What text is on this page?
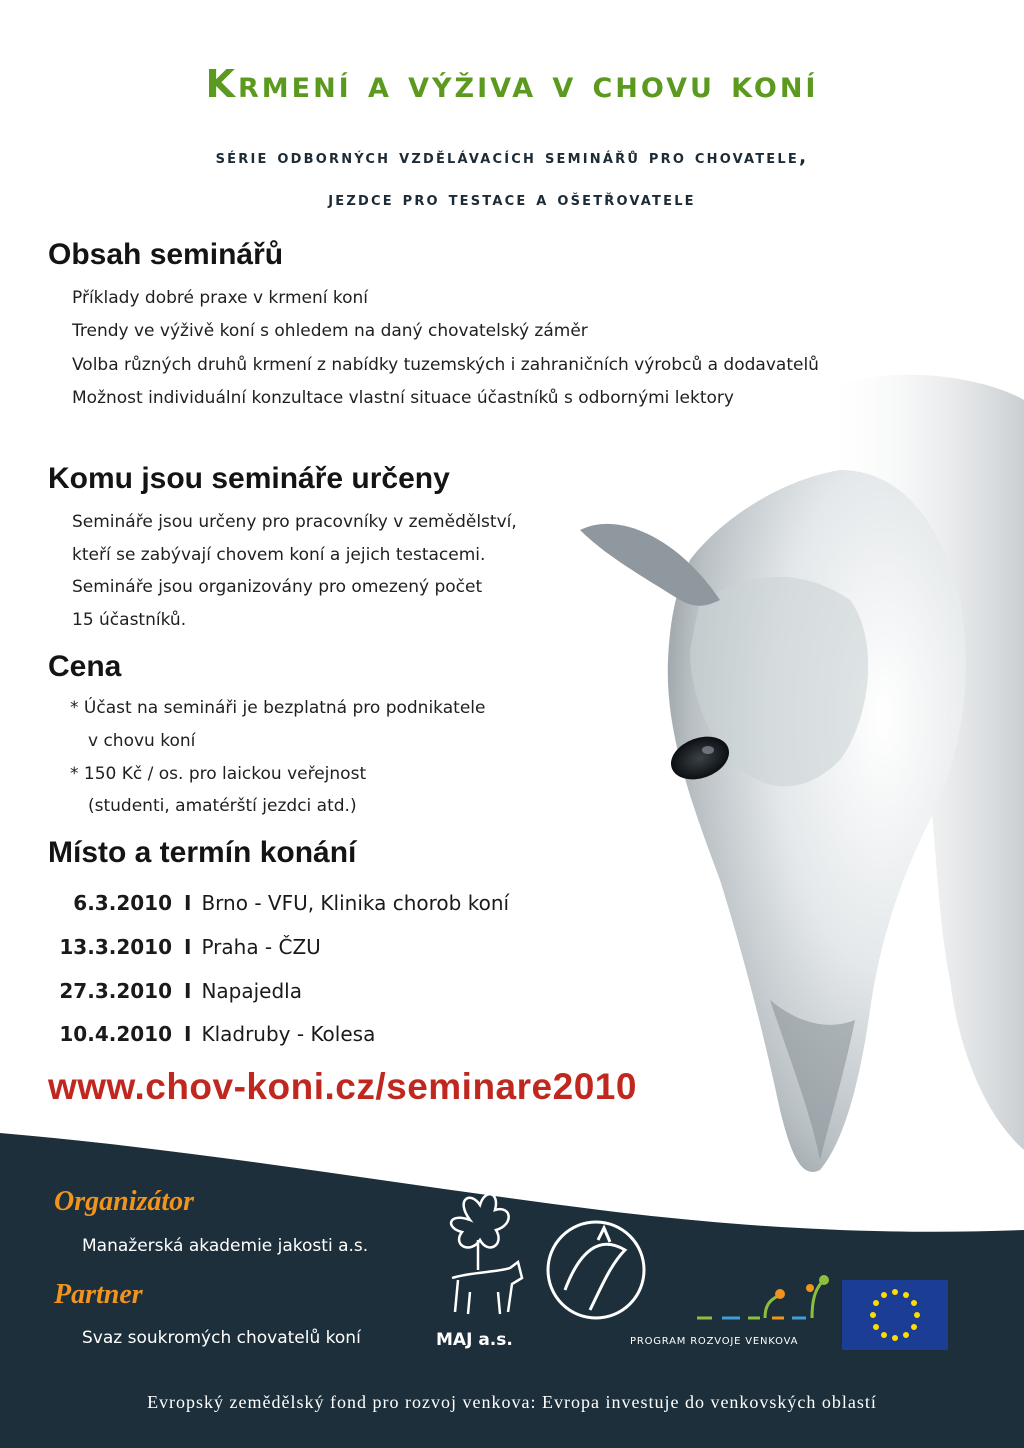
Krmení a výživa v chovu koní
série odborných vzdělávacích seminářů pro chovatele,
jezdce pro testace a ošetřovatele
Obsah seminářů
Příklady dobré praxe v krmení koní
Trendy ve výživě koní s ohledem na daný chovatelský záměr
Volba různých druhů krmení z nabídky tuzemských i zahraničních výrobců a dodavatelů
Možnost individuální konzultace vlastní situace účastníků s odbornými lektory
Komu jsou semináře určeny
Semináře jsou určeny pro pracovníky v zemědělství,
kteří se zabývají chovem koní a jejich testacemi.
Semináře jsou organizovány pro omezený počet
15 účastníků.
Cena
* Účast na semináři je bezplatná pro podnikatele
v chovu koní
* 150 Kč / os. pro laickou veřejnost
(studenti, amatérští jezdci atd.)
Místo a termín konání
6.3.2010 I Brno - VFU, Klinika chorob koní
13.3.2010 I Praha - ČZU
27.3.2010 I Napajedla
10.4.2010 I Kladruby - Kolesa
www.chov-koni.cz/seminare2010
Organizátor
Manažerská akademie jakosti a.s.
Partner
Svaz soukromých chovatelů koní	MAJ a.s.	PROGRAM ROZVOJE VENKOVA
Evropský zemědělský fond pro rozvoj venkova: Evropa investuje do venkovských oblastí
